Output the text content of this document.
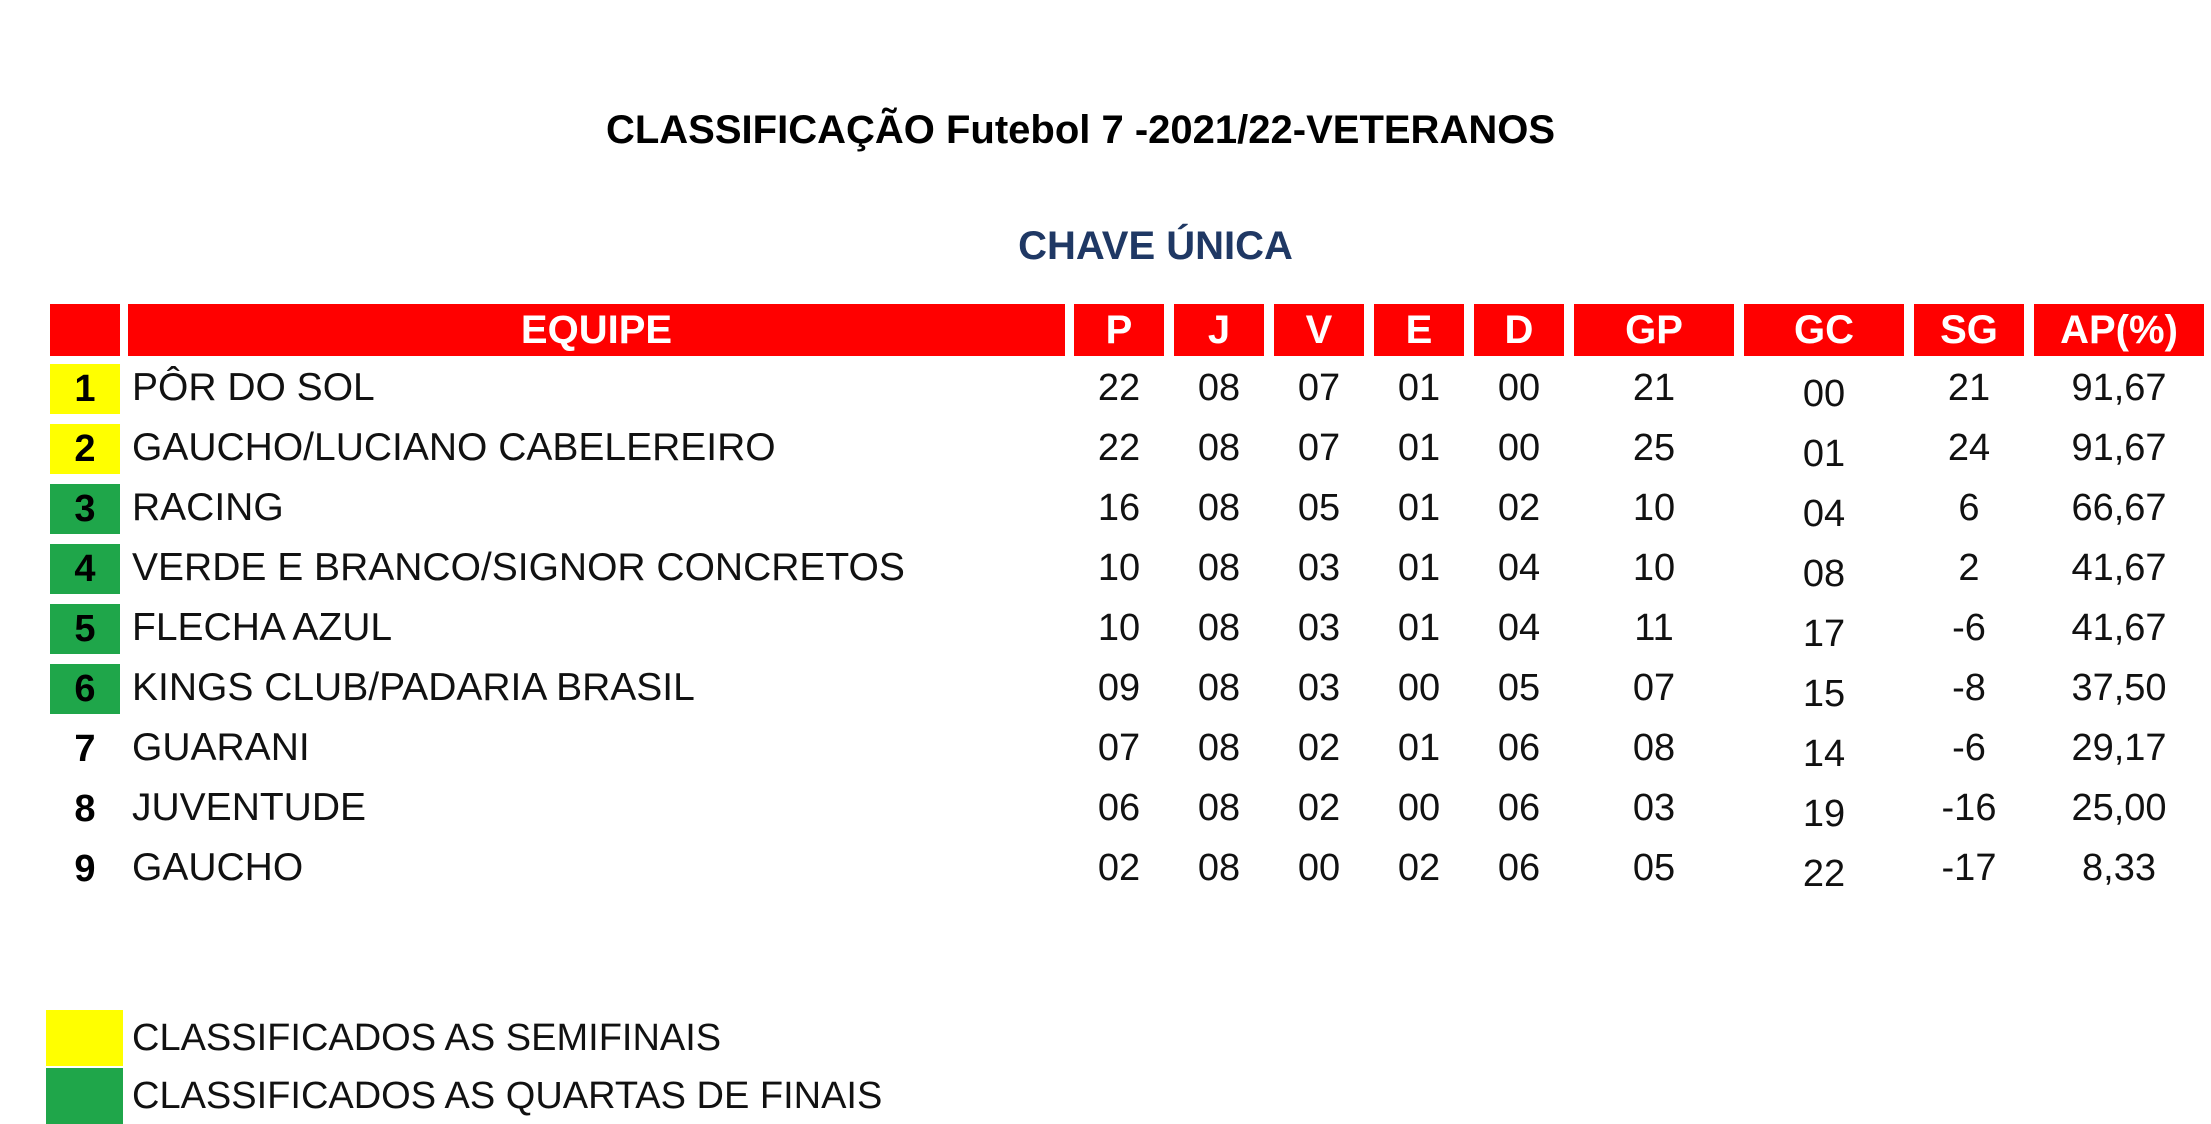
CLASSIFICAÇÃO Futebol 7 -2021/22-VETERANOS
CHAVE ÚNICA
EQUIPE	P	J	V	E	D	GP	GC	SG	AP(%)
1 PÔR DO SOL	22	08	07	01	00	21	00	21	91,67
2 GAUCHO/LUCIANO CABELEREIRO	22	08	07	01	00	25	01	24	91,67
3 RACING	16	08	05	01	02	10	04	6	66,67
4 VERDE E BRANCO/SIGNOR CONCRETOS	10	08	03	01	04	10	08	2	41,67
5 FLECHA AZUL	10	08	03	01	04	11	17	-6	41,67
6 KINGS CLUB/PADARIA BRASIL	09	08	03	00	05	07	15	-8	37,50
7 GUARANI	07	08	02	01	06	08	14	-6	29,17
8 JUVENTUDE	06	08	02	00	06	03	19	-16	25,00
9 GAUCHO	02	08	00	02	06	05	22	-17	8,33
CLASSIFICADOS AS SEMIFINAIS
CLASSIFICADOS AS QUARTAS DE FINAIS
